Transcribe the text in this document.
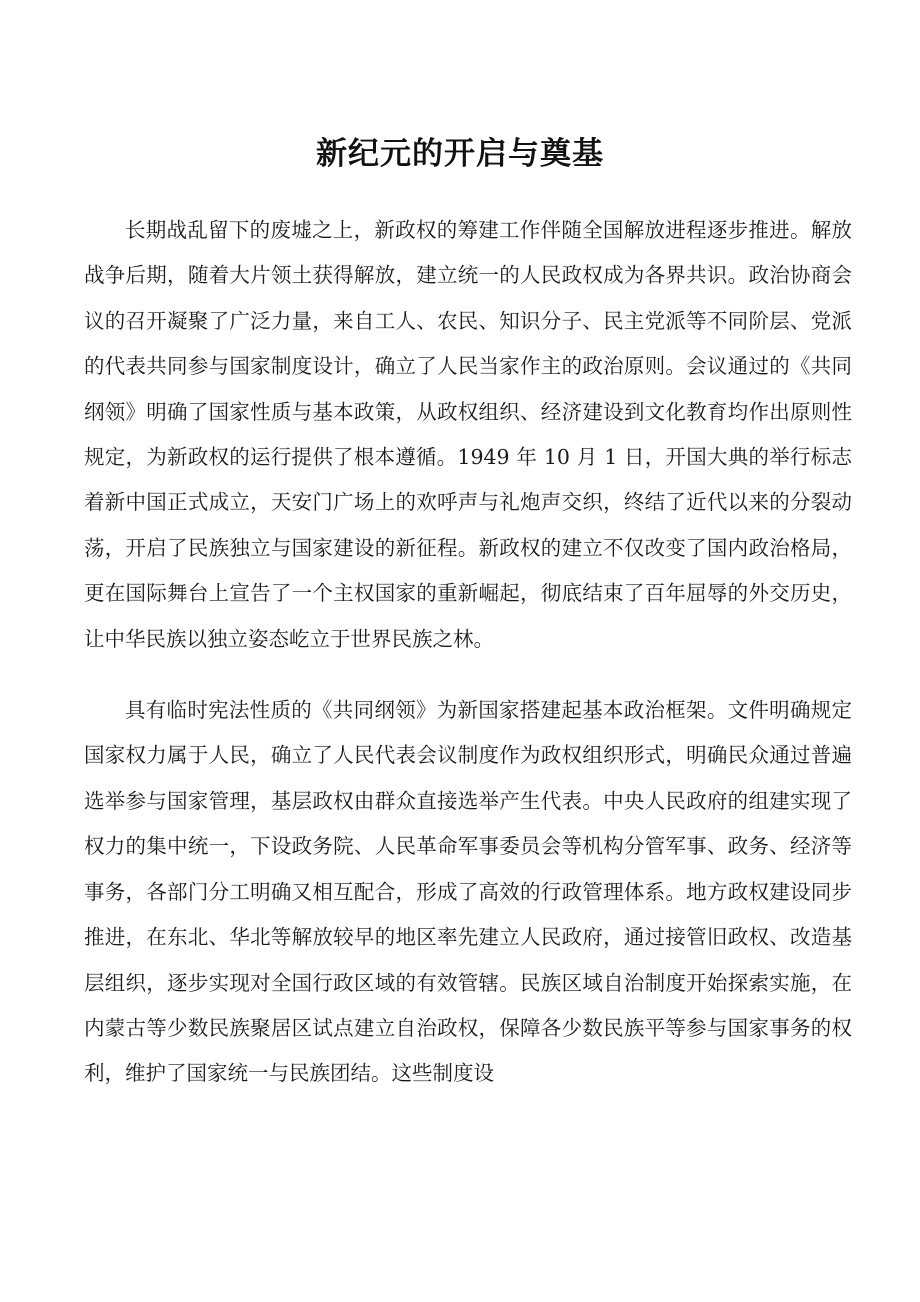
新纪元的开启与奠基

长期战乱留下的废墟之上，新政权的筹建工作伴随全国解放进程逐步推进。解放战争后期，随着大片领土获得解放，建立统一的人民政权成为各界共识。政治协商会议的召开凝聚了广泛力量，来自工人、农民、知识分子、民主党派等不同阶层、党派的代表共同参与国家制度设计，确立了人民当家作主的政治原则。会议通过的《共同纲领》明确了国家性质与基本政策，从政权组织、经济建设到文化教育均作出原则性规定，为新政权的运行提供了根本遵循。1949 年 10 月 1 日，开国大典的举行标志着新中国正式成立，天安门广场上的欢呼声与礼炮声交织，终结了近代以来的分裂动荡，开启了民族独立与国家建设的新征程。新政权的建立不仅改变了国内政治格局，更在国际舞台上宣告了一个主权国家的重新崛起，彻底结束了百年屈辱的外交历史，让中华民族以独立姿态屹立于世界民族之林。

具有临时宪法性质的《共同纲领》为新国家搭建起基本政治框架。文件明确规定国家权力属于人民，确立了人民代表会议制度作为政权组织形式，明确民众通过普遍选举参与国家管理，基层政权由群众直接选举产生代表。中央人民政府的组建实现了权力的集中统一，下设政务院、人民革命军事委员会等机构分管军事、政务、经济等事务，各部门分工明确又相互配合，形成了高效的行政管理体系。地方政权建设同步推进，在东北、华北等解放较早的地区率先建立人民政府，通过接管旧政权、改造基层组织，逐步实现对全国行政区域的有效管辖。民族区域自治制度开始探索实施，在内蒙古等少数民族聚居区试点建立自治政权，保障各少数民族平等参与国家事务的权利，维护了国家统一与民族团结。这些制度设
